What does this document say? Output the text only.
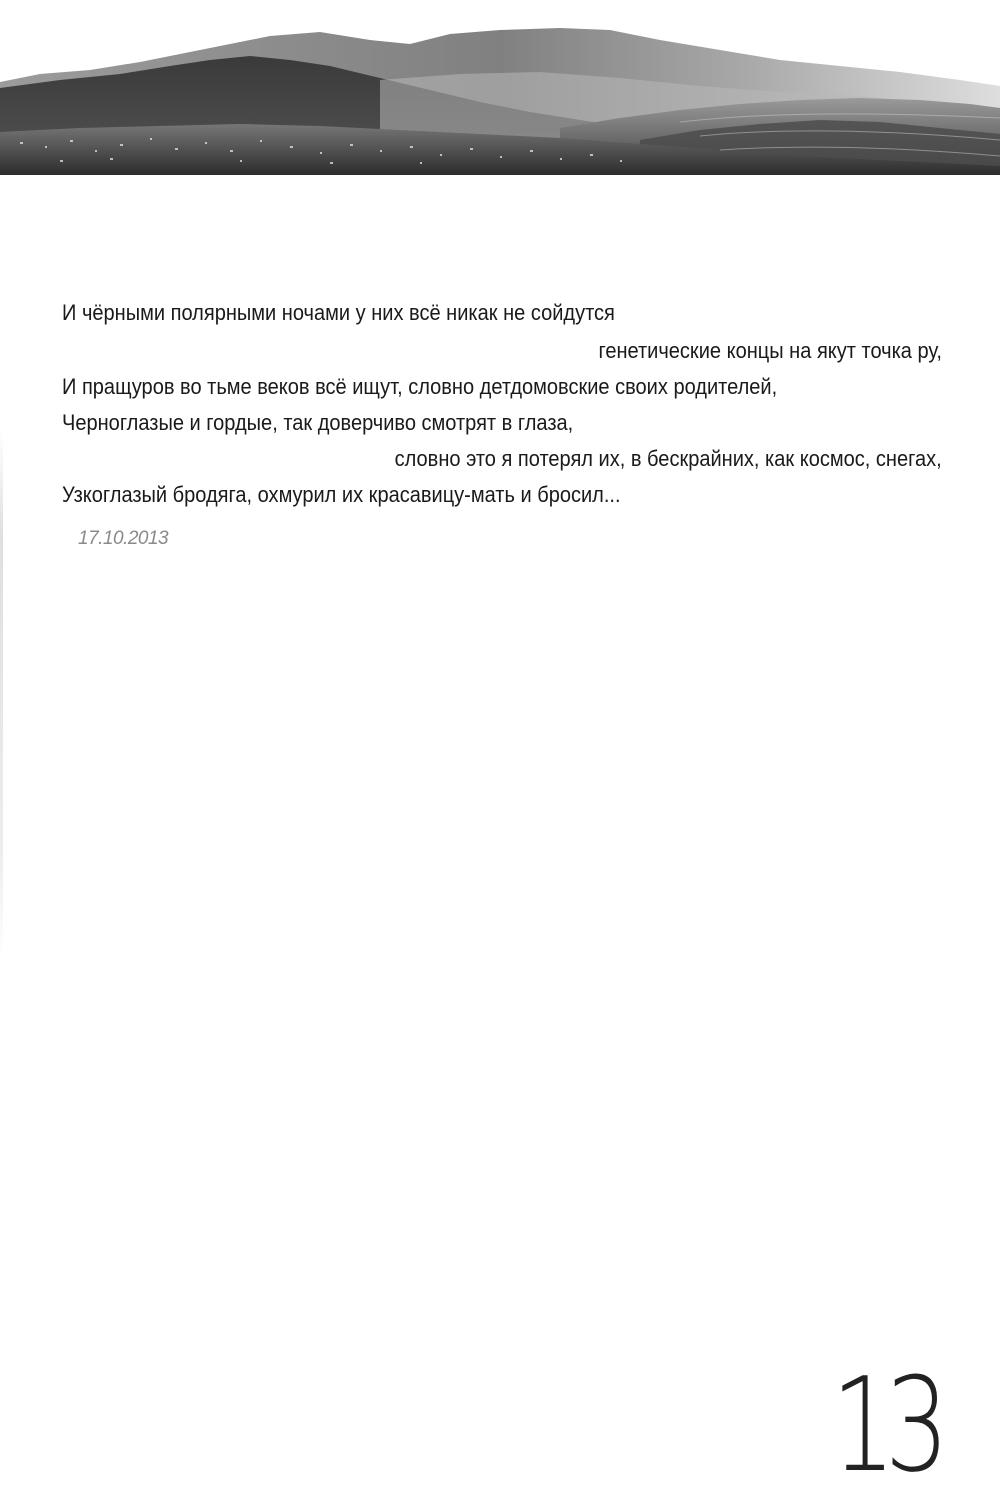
И чёрными полярными ночами у них всё никак не сойдутся
генетические концы на якут точка ру,
И пращуров во тьме веков всё ищут, словно детдомовские своих родителей,
Черноглазые и гордые, так доверчиво смотрят в глаза,
словно это я потерял их, в бескрайних, как космос, снегах,
Узкоглазый бродяга, охмурил их красавицу-мать и бросил...
17.10.2013
13
